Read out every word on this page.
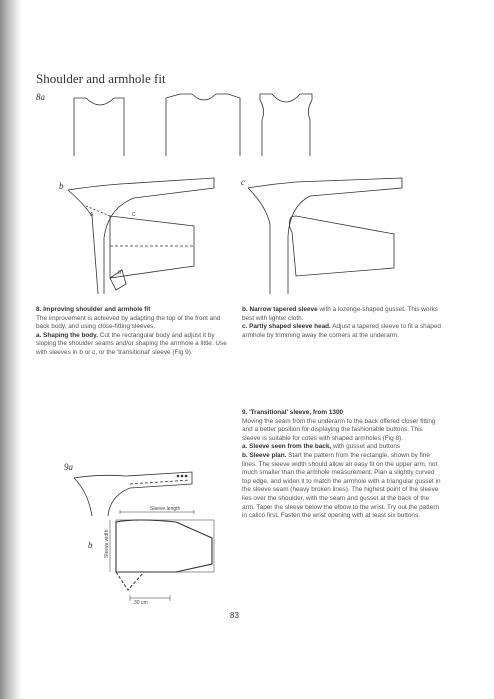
Shoulder and armhole fit
8a
b
A	C
B
c

8. Improving shoulder and armhole fit

The improvement is achieved by adapting the top of the front and back body, and using close-fitting sleeves.

a. Shaping the body. Cut the rectangular body and adjust it by sloping the shoulder seams and/or shaping the armhole a little. Use with sleeves in b or c, or the 'transitional' sleeve (Fig 9).

b. Narrow tapered sleeve with a lozenge-shaped gusset. This works best with lighter cloth.

c. Partly shaped sleeve head. Adjust a tapered sleeve to fit a shaped armhole by trimming away the corners at the underarm.

9a
b
Sleeve length
Sleeve width
30 cm

9. 'Transitional' sleeve, from 1300

Moving the seam from the underarm to the back offered closer fitting and a better position for displaying the fashionable buttons. This sleeve is suitable for cotes with shaped armholes (Fig 8).

a. Sleeve seen from the back, with gusset and buttons

b. Sleeve plan. Start the pattern from the rectangle, shown by fine lines. The sleeve width should allow an easy fit on the upper arm, not much smaller than the armhole measurement. Plan a slightly curved top edge, and widen it to match the armhole with a triangular gusset in the sleeve seam (heavy broken lines). The highest point of the sleeve lies over the shoulder, with the seam and gusset at the back of the arm. Taper the sleeve below the elbow to the wrist. Try out the pattern in calico first. Fasten the wrist opening with at least six buttons.

83
